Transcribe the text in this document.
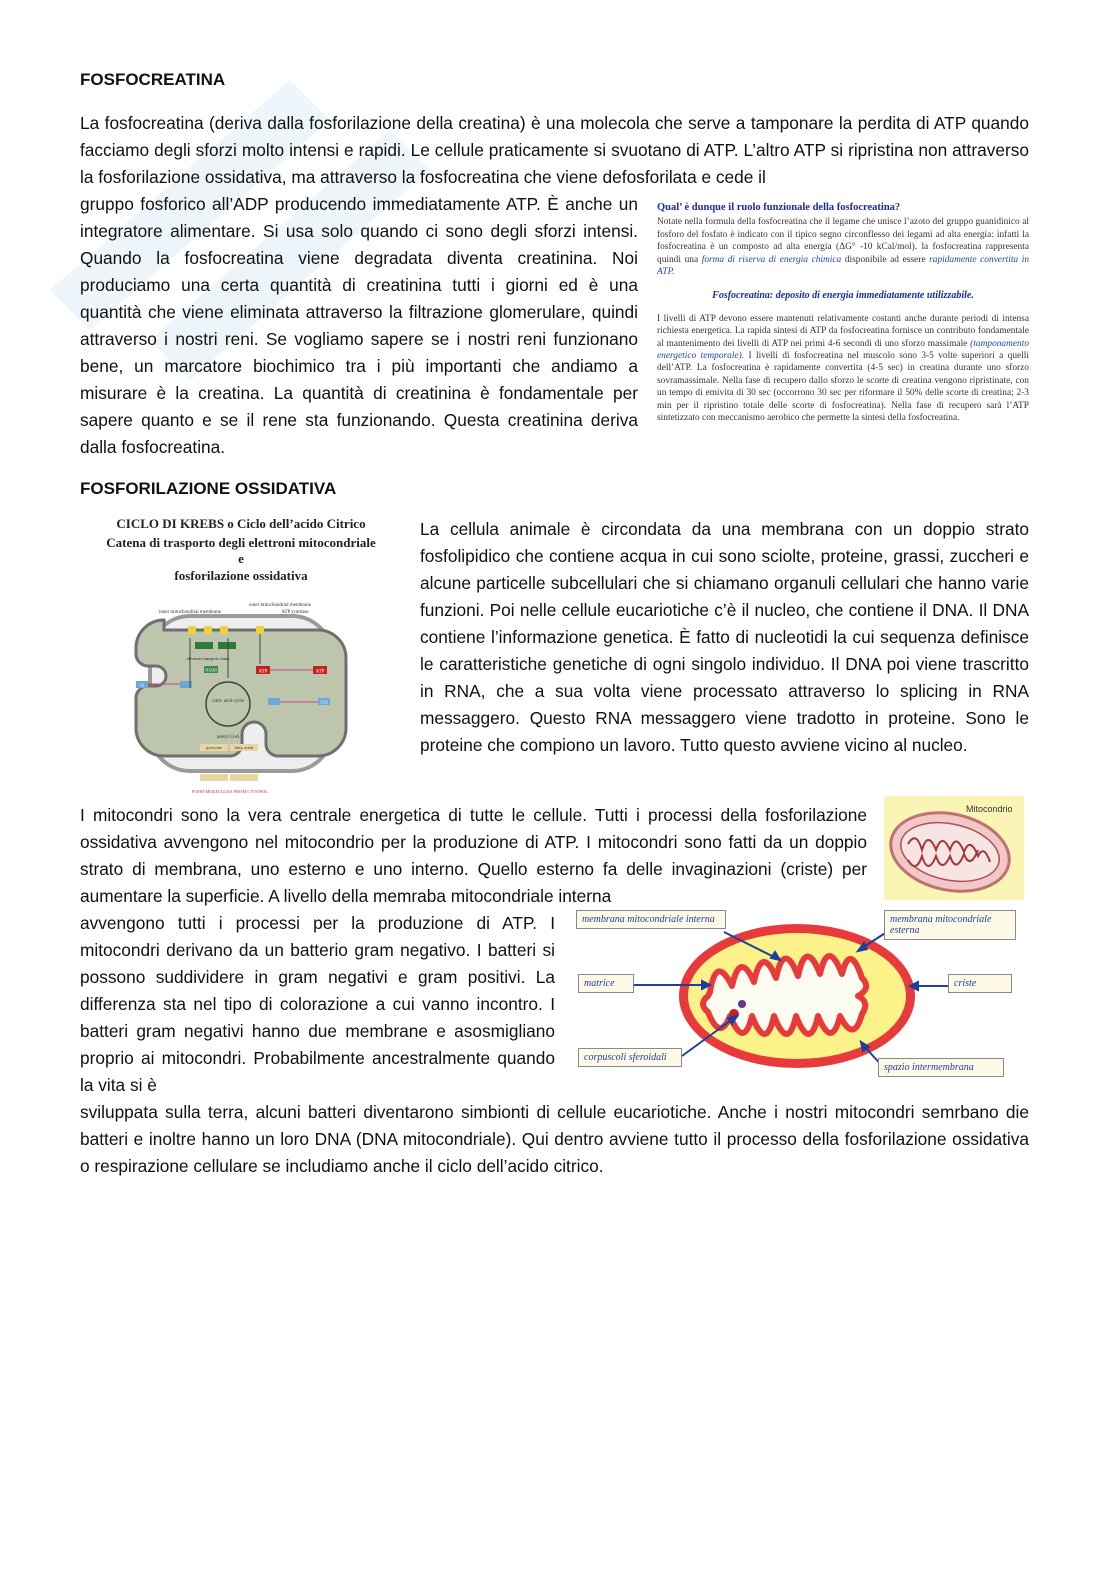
FOSFOCREATINA

La fosfocreatina (deriva dalla fosforilazione della creatina) è una molecola che serve a tamponare la perdita di ATP quando facciamo degli sforzi molto intensi e rapidi. Le cellule praticamente si svuotano di ATP. L’altro ATP si ripristina non attraverso la fosforilazione ossidativa, ma attraverso la fosfocreatina che viene defosforilata e cede il

gruppo fosforico all’ADP producendo immediatamente ATP. È anche un integratore alimentare. Si usa solo quando ci sono degli sforzi intensi. Quando la fosfocreatina viene degradata diventa creatinina. Noi produciamo una certa quantità di creatinina tutti i giorni ed è una quantità che viene eliminata attraverso la filtrazione glomerulare, quindi attraverso i nostri reni. Se vogliamo sapere se i nostri reni funzionano bene, un marcatore biochimico tra i più importanti che andiamo a misurare è la creatina. La quantità di creatinina è fondamentale per sapere quanto e se il rene sta funzionando. Questa creatinina deriva dalla fosfocreatina.

Qual’ è dunque il ruolo funzionale della fosfocreatina?

Notate nella formula della fosfocreatina che il legame che unisce l’azoto del gruppo guanidinico al fosforo del fosfato è indicato con il tipico segno circonflesso dei legami ad alta energia: infatti la fosfocreatina è un composto ad alta energia (ΔG° -10 kCal/mol). la fosfocreatina rappresenta quindi una forma di riserva di energia chimica disponibile ad essere rapidamente convertita in ATP.

Fosfocreatina: deposito di energia immediatamente utilizzabile.

I livelli di ATP devono essere mantenuti relativamente costanti anche durante periodi di intensa richiesta energetica. La rapida sintesi di ATP da fosfocreatina fornisce un contributo fondamentale al mantenimento dei livelli di ATP nei primi 4-6 secondi di uno sforzo massimale (tamponamento energetico temporale). I livelli di fosfocreatina nel muscolo sono 3-5 volte superiori a quelli dell’ATP. La fosfocreatina è rapidamente convertita (4-5 sec) in creatina durante uno sforzo sovramassimale. Nella fase di recupero dallo sforzo le scorte di creatina vengono ripristinate, con un tempo di emivita di 30 sec (occorrono 30 sec per riformare il 50% delle scorte di creatina; 2-3 min per il ripristino totale delle scorte di fosfocreatina). Nella fase di recupero sarà l’ATP sintetizzato con meccanismo aerobico che permette la sintesi della fosfocreatina.

FOSFORILAZIONE OSSIDATIVA
CICLO DI KREBS o Ciclo dell’acido Citrico
Catena di trasporto degli elettroni mitocondriale
e
fosforilazione ossidativa
citric acid cycle
acetyl CoA
pyruvate	fatty acids
FOOD MOLECULES FROM CYTOSOL
outer mitochondrial membrane
inner mitochondrial membrane	ATP synthase
electron transport chain
ATP	ATP
NADH
O2
CO2

La cellula animale è circondata da una membrana con un doppio strato fosfolipidico che contiene acqua in cui sono sciolte, proteine, grassi, zuccheri e alcune particelle subcellulari che si chiamano organuli cellulari che hanno varie funzioni. Poi nelle cellule eucariotiche c’è il nucleo, che contiene il DNA. Il DNA contiene l’informazione genetica. È fatto di nucleotidi la cui sequenza definisce le caratteristiche genetiche di ogni singolo individuo. Il DNA poi viene trascritto in RNA, che a sua volta viene processato attraverso lo splicing in RNA messaggero. Questo RNA messaggero viene tradotto in proteine. Sono le proteine che compiono un lavoro. Tutto questo avviene vicino al nucleo.

Mitocondrio

I mitocondri sono la vera centrale energetica di tutte le cellule. Tutti i processi della fosforilazione ossidativa avvengono nel mitocondrio per la produzione di ATP. I mitocondri sono fatti da un doppio strato di membrana, uno esterno e uno interno. Quello esterno fa delle invaginazioni (criste) per aumentare la superficie. A livello della memraba mitocondriale interna

avvengono tutti i processi per la produzione di ATP. I mitocondri derivano da un batterio gram negativo. I batteri si possono suddividere in gram negativi e gram positivi. La differenza sta nel tipo di colorazione a cui vanno incontro. I batteri gram negativi hanno due membrane e asosmigliano proprio ai mitocondri. Probabilmente ancestralmente quando la vita si è

membrana mitocondriale interna
matrice
corpuscoli sferoidali
membrana mitocondriale esterna
criste
spazio intermembrana

sviluppata sulla terra, alcuni batteri diventarono simbionti di cellule eucariotiche. Anche i nostri mitocondri semrbano die batteri e inoltre hanno un loro DNA (DNA mitocondriale). Qui dentro avviene tutto il processo della fosforilazione ossidativa o respirazione cellulare se includiamo anche il ciclo dell’acido citrico.
